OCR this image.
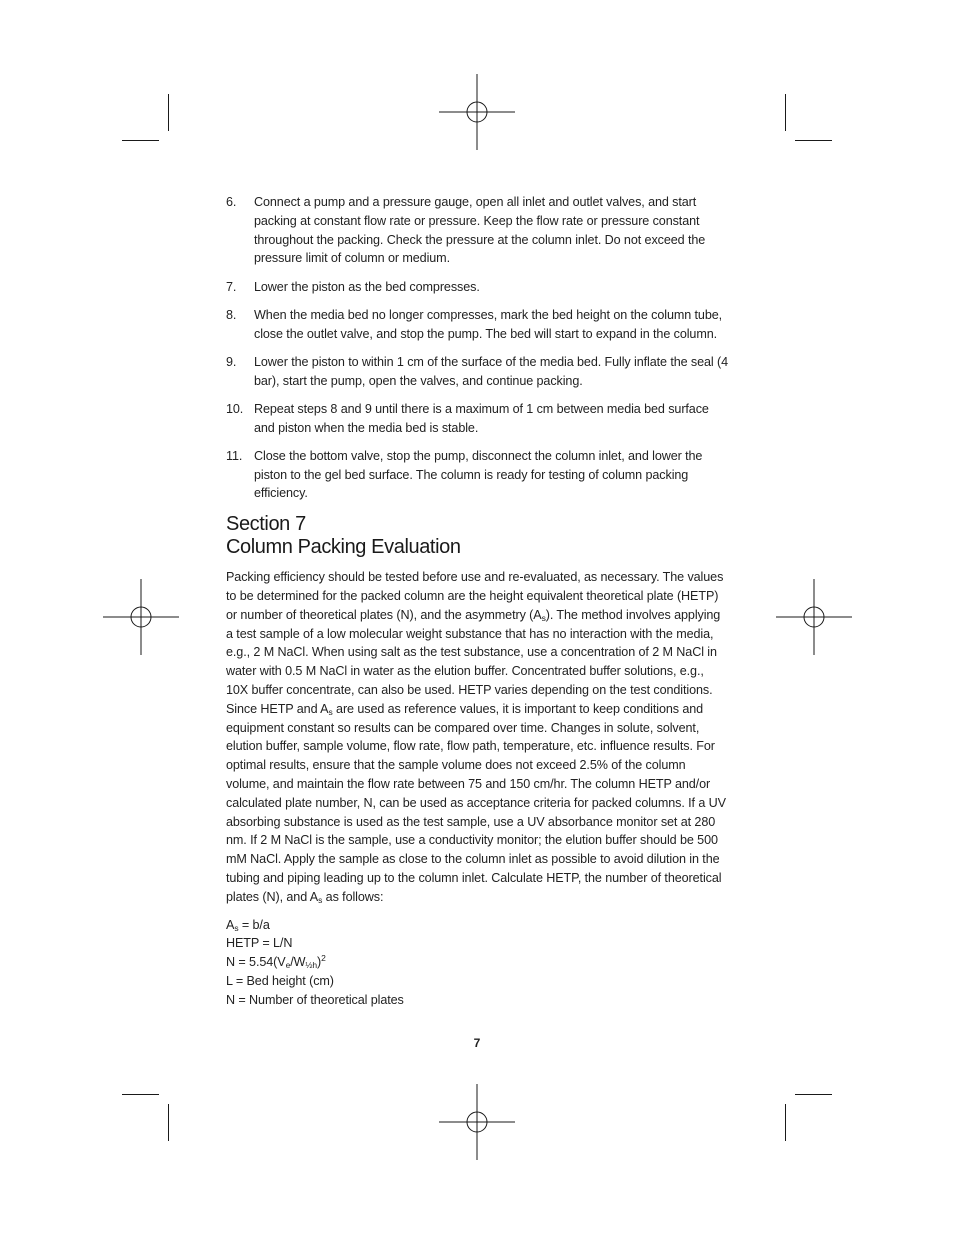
6. Connect a pump and a pressure gauge, open all inlet and outlet valves, and start packing at constant flow rate or pressure. Keep the flow rate or pressure constant throughout the packing. Check the pressure at the column inlet. Do not exceed the pressure limit of column or medium.
7. Lower the piston as the bed compresses.
8. When the media bed no longer compresses, mark the bed height on the column tube, close the outlet valve, and stop the pump. The bed will start to expand in the column.
9. Lower the piston to within 1 cm of the surface of the media bed. Fully inflate the seal (4 bar), start the pump, open the valves, and continue packing.
10. Repeat steps 8 and 9 until there is a maximum of 1 cm between media bed surface and piston when the media bed is stable.
11. Close the bottom valve, stop the pump, disconnect the column inlet, and lower the piston to the gel bed surface. The column is ready for testing of column packing efficiency.
Section 7
Column Packing Evaluation

Packing efficiency should be tested before use and re-evaluated, as necessary. The values to be determined for the packed column are the height equivalent theoretical plate (HETP) or number of theoretical plates (N), and the asymmetry $(A_s)$. The method involves applying a test sample of a low molecular weight substance that has no interaction with the media, e.g., 2 M NaCl. When using salt as the test substance, use a concentration of 2 M NaCl in water with 0.5 M NaCl in water as the elution buffer. Concentrated buffer solutions, e.g., 10X buffer concentrate, can also be used. HETP varies depending on the test conditions. Since HETP and $A_s$ are used as reference values, it is important to keep conditions and equipment constant so results can be compared over time. Changes in solute, solvent, elution buffer, sample volume, flow rate, flow path, temperature, etc. influence results. For optimal results, ensure that the sample volume does not exceed 2.5% of the column volume, and maintain the flow rate between 75 and 150 cm/hr. The column HETP and/or calculated plate number, N, can be used as acceptance criteria for packed columns. If a UV absorbing substance is used as the test sample, use a UV absorbance monitor set at 280 nm. If 2 M NaCl is the sample, use a conductivity monitor; the elution buffer should be 500 mM NaCl. Apply the sample as close to the column inlet as possible to avoid dilution in the tubing and piping leading up to the column inlet. Calculate HETP, the number of theoretical plates (N), and $A_s$ as follows:

$A_s = b/a$
HETP = L/N
$N = 5.54(V_e/W_{\frac{1}{2}h})^2$
L = Bed height (cm)
N = Number of theoretical plates
7
